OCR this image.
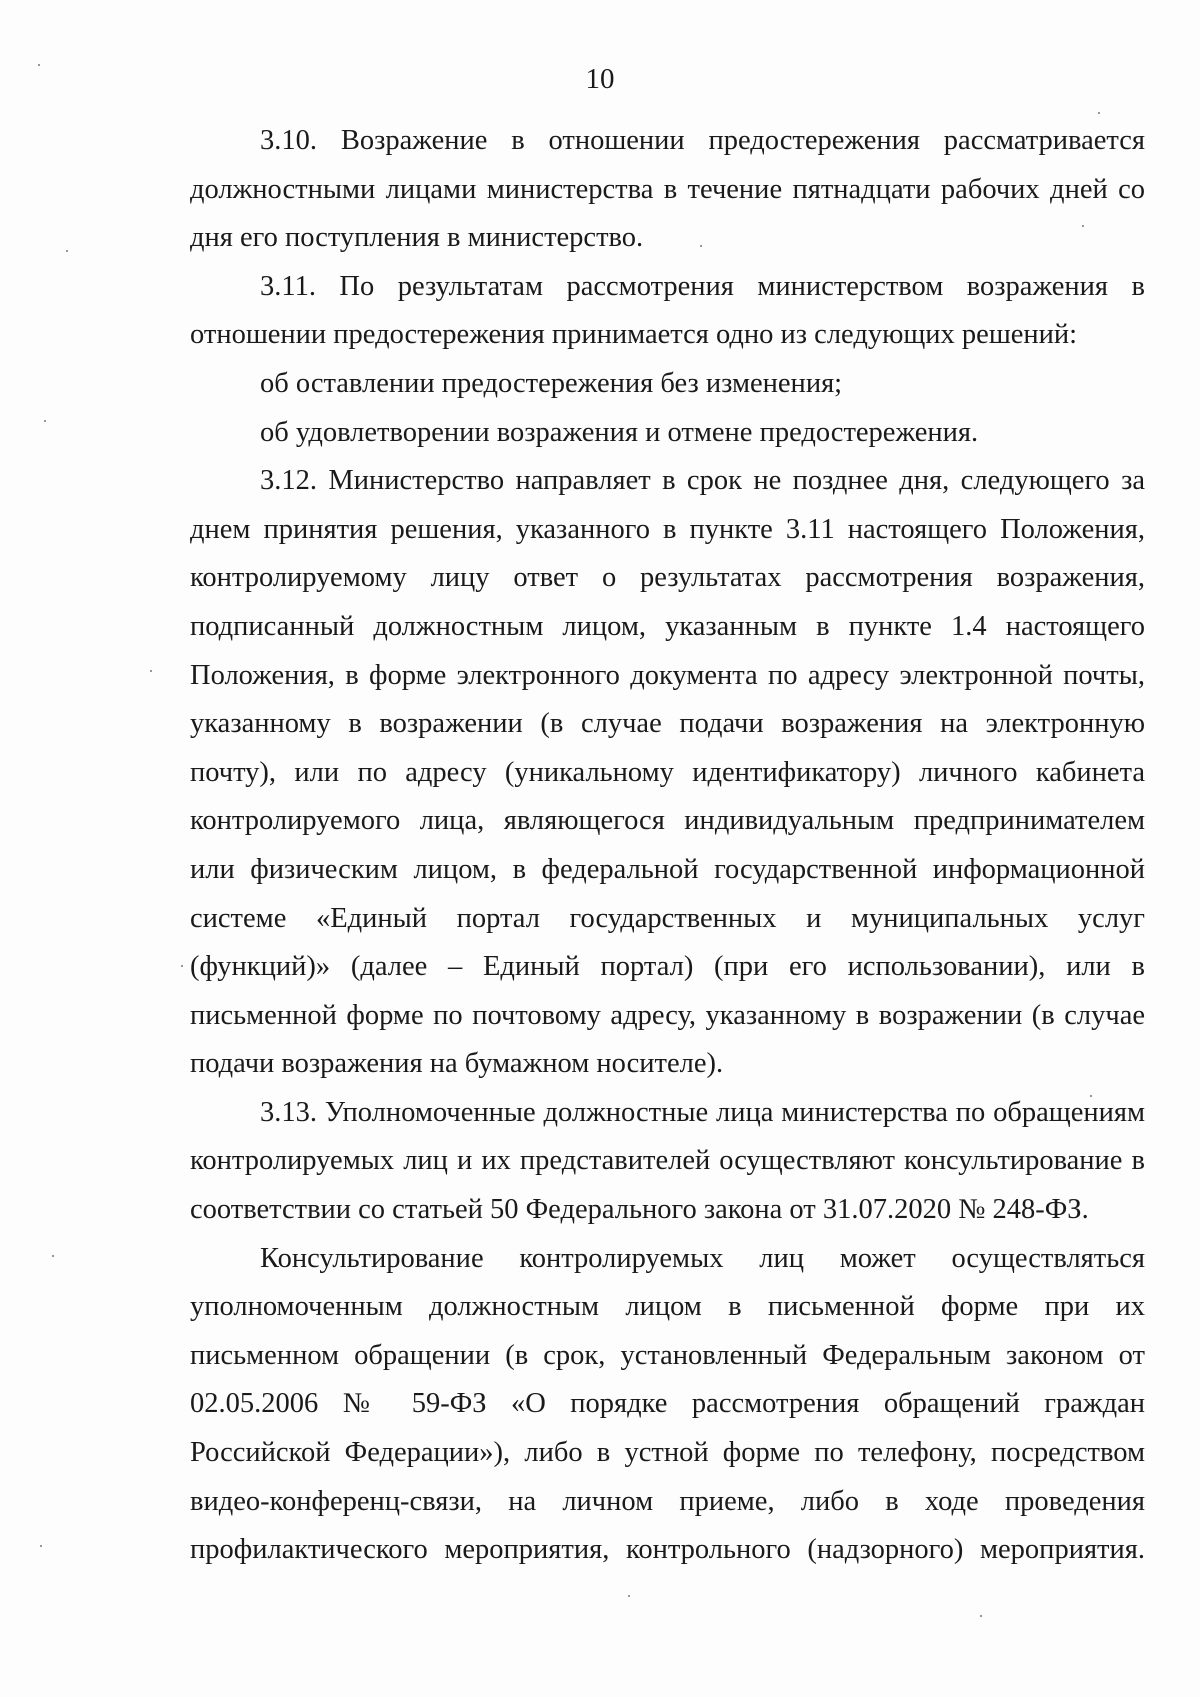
10

3.10. Возражение в отношении предостережения рассматривается должностными лицами министерства в течение пятнадцати рабочих дней со дня его поступления в министерство.

3.11. По результатам рассмотрения министерством возражения в отношении предостережения принимается одно из следующих решений:

об оставлении предостережения без изменения;

об удовлетворении возражения и отмене предостережения.

3.12. Министерство направляет в срок не позднее дня, следующего за днем принятия решения, указанного в пункте 3.11 настоящего Положения, контролируемому лицу ответ о результатах рассмотрения возражения, подписанный должностным лицом, указанным в пункте 1.4 настоящего Положения, в форме электронного документа по адресу электронной почты, указанному в возражении (в случае подачи возражения на электронную почту), или по адресу (уникальному идентификатору) личного кабинета контролируемого лица, являющегося индивидуальным предпринимателем или физическим лицом, в федеральной государственной информационной системе «Единый портал государственных и муниципальных услуг (функций)» (далее – Единый портал) (при его использовании), или в письменной форме по почтовому адресу, указанному в возражении (в случае подачи возражения на бумажном носителе).

3.13. Уполномоченные должностные лица министерства по обращениям контролируемых лиц и их представителей осуществляют консультирование в соответствии со статьей 50 Федерального закона от 31.07.2020 № 248-ФЗ.

Консультирование контролируемых лиц может осуществляться уполномоченным должностным лицом в письменной форме при их письменном обращении (в срок, установленный Федеральным законом от 02.05.2006 № 59-ФЗ «О порядке рассмотрения обращений граждан Российской Федерации»), либо в устной форме по телефону, посредством видео-конференц-связи, на личном приеме, либо в ходе проведения профилактического мероприятия, контрольного (надзорного) мероприятия.
